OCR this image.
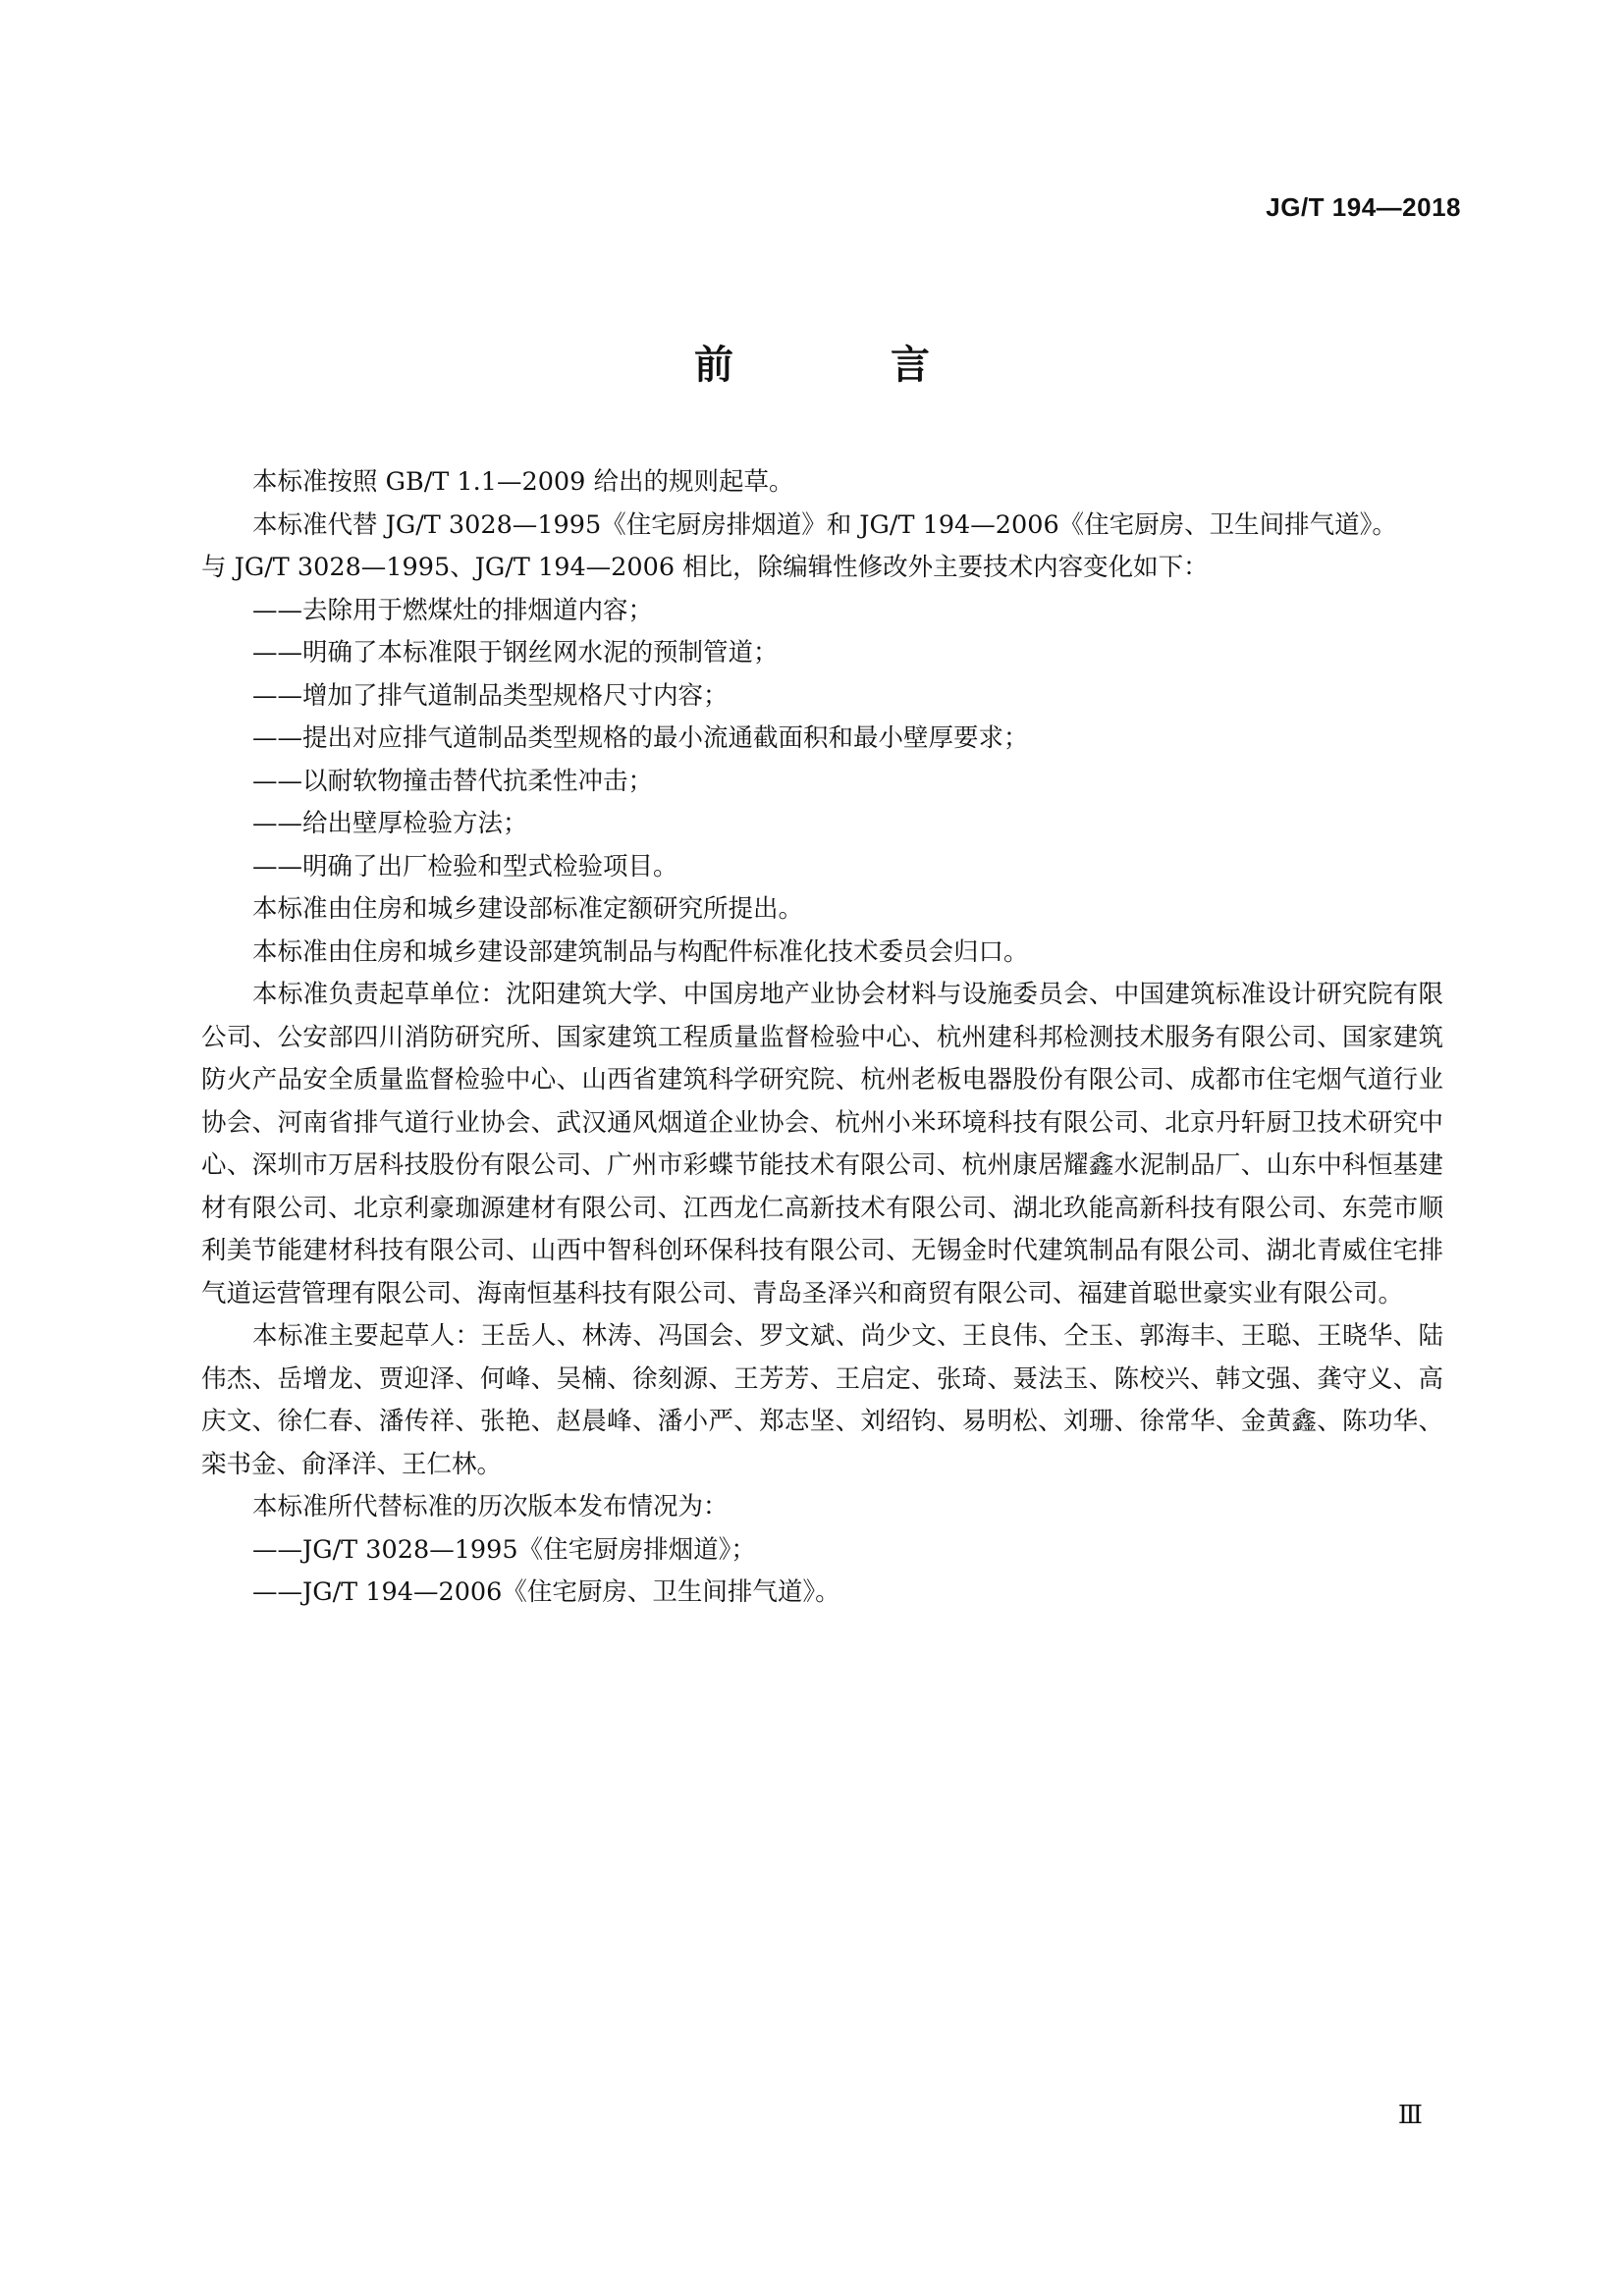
JG/T 194—2018
前　言

本标准按照 GB/T 1.1—2009 给出的规则起草。

本标准代替 JG/T 3028—1995《住宅厨房排烟道》和 JG/T 194—2006《住宅厨房、卫生间排气道》。

与 JG/T 3028—1995、JG/T 194—2006 相比，除编辑性修改外主要技术内容变化如下：

——去除用于燃煤灶的排烟道内容；

——明确了本标准限于钢丝网水泥的预制管道；

——增加了排气道制品类型规格尺寸内容；

——提出对应排气道制品类型规格的最小流通截面积和最小壁厚要求；

——以耐软物撞击替代抗柔性冲击；

——给出壁厚检验方法；

——明确了出厂检验和型式检验项目。

本标准由住房和城乡建设部标准定额研究所提出。

本标准由住房和城乡建设部建筑制品与构配件标准化技术委员会归口。

本标准负责起草单位：沈阳建筑大学、中国房地产业协会材料与设施委员会、中国建筑标准设计研究院有限公司、公安部四川消防研究所、国家建筑工程质量监督检验中心、杭州建科邦检测技术服务有限公司、国家建筑防火产品安全质量监督检验中心、山西省建筑科学研究院、杭州老板电器股份有限公司、成都市住宅烟气道行业协会、河南省排气道行业协会、武汉通风烟道企业协会、杭州小米环境科技有限公司、北京丹轩厨卫技术研究中心、深圳市万居科技股份有限公司、广州市彩蝶节能技术有限公司、杭州康居耀鑫水泥制品厂、山东中科恒基建材有限公司、北京利豪珈源建材有限公司、江西龙仁高新技术有限公司、湖北玖能高新科技有限公司、东莞市顺利美节能建材科技有限公司、山西中智科创环保科技有限公司、无锡金时代建筑制品有限公司、湖北青威住宅排气道运营管理有限公司、海南恒基科技有限公司、青岛圣泽兴和商贸有限公司、福建首聪世豪实业有限公司。

本标准主要起草人：王岳人、林涛、冯国会、罗文斌、尚少文、王良伟、仝玉、郭海丰、王聪、王晓华、陆伟杰、岳增龙、贾迎泽、何峰、吴楠、徐刻源、王芳芳、王启定、张琦、聂法玉、陈校兴、韩文强、龚守义、高庆文、徐仁春、潘传祥、张艳、赵晨峰、潘小严、郑志坚、刘绍钧、易明松、刘珊、徐常华、金黄鑫、陈功华、栾书金、俞泽洋、王仁林。

本标准所代替标准的历次版本发布情况为：

——JG/T 3028—1995《住宅厨房排烟道》；

——JG/T 194—2006《住宅厨房、卫生间排气道》。

Ⅲ
